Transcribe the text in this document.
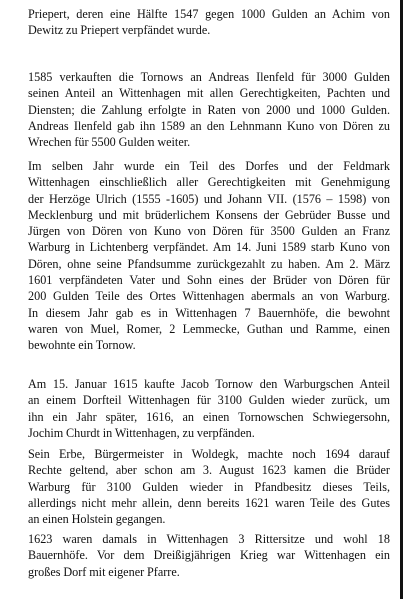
Priepert, deren eine Hälfte 1547 gegen 1000 Gulden an Achim von
Dewitz zu Priepert verpfändet wurde.
1585 verkauften die Tornows an Andreas Ilenfeld für 3000 Gulden
seinen Anteil an Wittenhagen mit allen Gerechtigkeiten, Pachten und
Diensten; die Zahlung erfolgte in Raten von 2000 und 1000 Gulden.
Andreas Ilenfeld gab ihn 1589 an den Lehnmann Kuno von Dören zu
Wrechen für 5500 Gulden weiter.
Im selben Jahr wurde ein Teil des Dorfes und der Feldmark
Wittenhagen einschließlich aller Gerechtigkeiten mit Genehmigung
der Herzöge Ulrich (1555 -1605) und Johann VII. (1576 – 1598) von
Mecklenburg und mit brüderlichem Konsens der Gebrüder Busse und
Jürgen von Dören von Kuno von Dören für 3500 Gulden an Franz
Warburg in Lichtenberg verpfändet. Am 14. Juni 1589 starb Kuno von
Dören, ohne seine Pfandsumme zurückgezahlt zu haben. Am 2. März
1601 verpfändeten Vater und Sohn eines der Brüder von Dören für
200 Gulden Teile des Ortes Wittenhagen abermals an von Warburg.
In diesem Jahr gab es in Wittenhagen 7 Bauernhöfe, die bewohnt
waren von Muel, Romer, 2 Lemmecke, Guthan und Ramme, einen
bewohnte ein Tornow.
Am 15. Januar 1615 kaufte Jacob Tornow den Warburgschen Anteil
an einem Dorfteil Wittenhagen für 3100 Gulden wieder zurück, um
ihn ein Jahr später, 1616, an einen Tornowschen Schwiegersohn,
Jochim Churdt in Wittenhagen, zu verpfänden.
Sein Erbe, Bürgermeister in Woldegk, machte noch 1694 darauf
Rechte geltend, aber schon am 3. August 1623 kamen die Brüder
Warburg für 3100 Gulden wieder in Pfandbesitz dieses Teils,
allerdings nicht mehr allein, denn bereits 1621 waren Teile des Gutes
an einen Holstein gegangen.
1623 waren damals in Wittenhagen 3 Rittersitze und wohl 18
Bauernhöfe. Vor dem Dreißigjährigen Krieg war Wittenhagen ein
großes Dorf mit eigener Pfarre.
